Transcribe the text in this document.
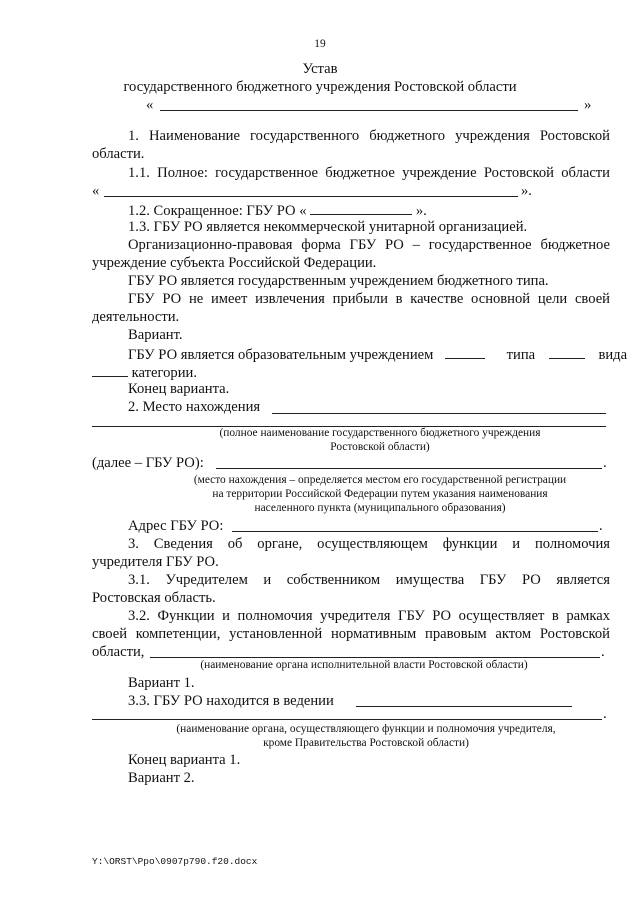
19
Устав
государственного бюджетного учреждения Ростовской области
«	»
1. Наименование государственного бюджетного учреждения Ростовской
области.
1.1. Полное: государственное бюджетное учреждение Ростовской области
«	».
1.2. Сокращенное: ГБУ РО «	».
1.3. ГБУ РО является некоммерческой унитарной организацией.
Организационно-правовая форма ГБУ РО – государственное бюджетное
учреждение субъекта Российской Федерации.
ГБУ РО является государственным учреждением бюджетного типа.
ГБУ РО не имеет извлечения прибыли в качестве основной цели своей
деятельности.
Вариант.
ГБУ РО является образовательным учреждением	типа	вида
категории.
Конец варианта.
2. Место нахождения
(полное наименование государственного бюджетного учреждения
Ростовской области)
(далее – ГБУ РО):	.
(место нахождения – определяется местом его государственной регистрации
на территории Российской Федерации путем указания наименования
населенного пункта (муниципального образования)
Адрес ГБУ РО:	.
3. Сведения об органе, осуществляющем функции и полномочия
учредителя ГБУ РО.
3.1. Учредителем и собственником имущества ГБУ РО является
Ростовская область.
3.2. Функции и полномочия учредителя ГБУ РО осуществляет в рамках
своей компетенции, установленной нормативным правовым актом Ростовской
области,	.
(наименование органа исполнительной власти Ростовской области)
Вариант 1.
3.3. ГБУ РО находится в ведении
.
(наименование органа, осуществляющего функции и полномочия учредителя,
кроме Правительства Ростовской области)
Конец варианта 1.
Вариант 2.
Y:\ORST\Ppo\0907p790.f20.docx
